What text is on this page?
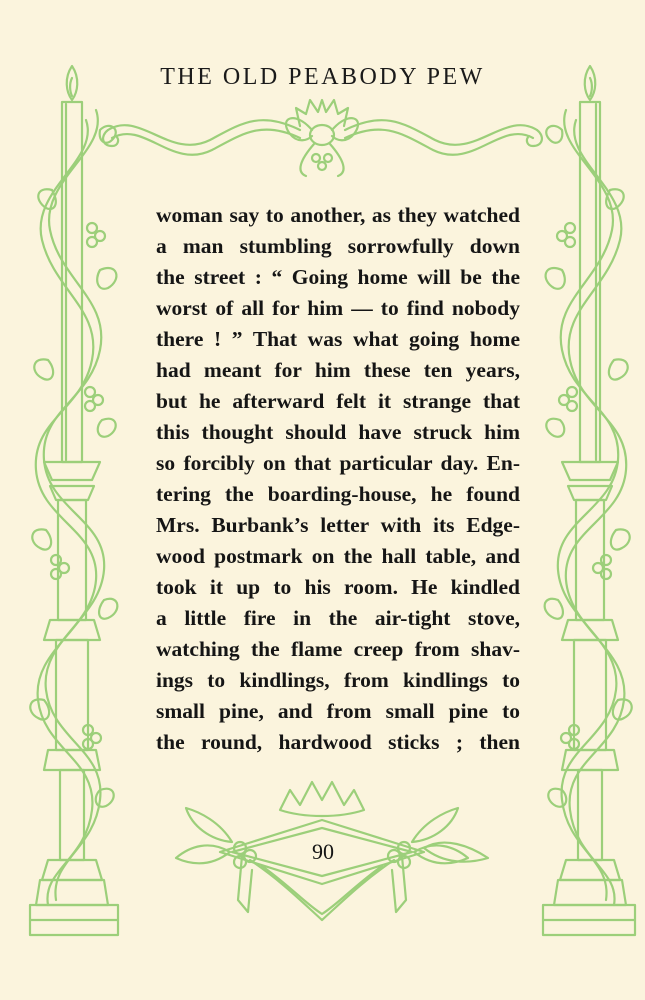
THE OLD PEABODY PEW
woman say to another, as they watched
a man stumbling sorrowfully down
the street : “ Going home will be the
worst of all for him — to find nobody
there ! ” That was what going home
had meant for him these ten years,
but he afterward felt it strange that
this thought should have struck him
so forcibly on that particular day. En-
tering the boarding-house, he found
Mrs. Burbank’s letter with its Edge-
wood postmark on the hall table, and
took it up to his room. He kindled
a little fire in the air-tight stove,
watching the flame creep from shav-
ings to kindlings, from kindlings to
small pine, and from small pine to
the round, hardwood sticks ; then
90
